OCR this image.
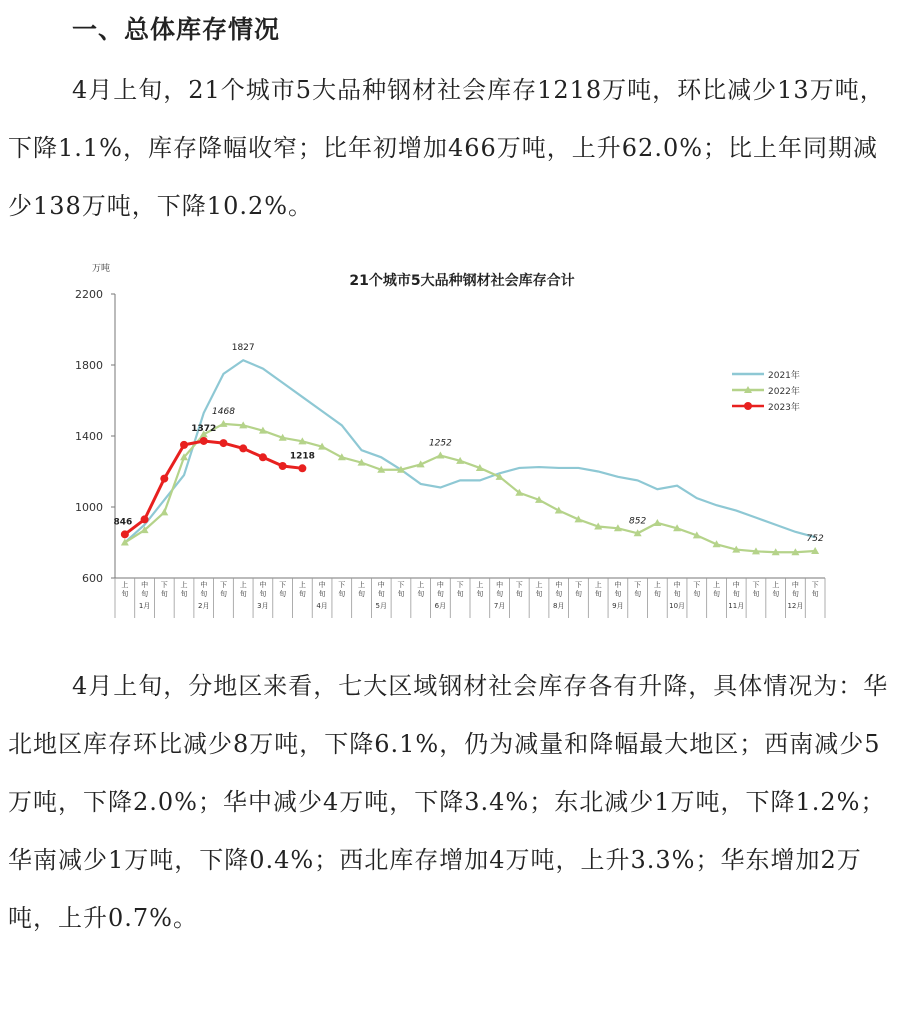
一、总体库存情况

4月上旬，21个城市5大品种钢材社会库存1218万吨，环比减少13万吨，下降1.1%，库存降幅收窄；比年初增加466万吨，上升62.0%；比上年同期减少138万吨，下降10.2%。

21个城市5大品种钢材社会库存合计
万吨
600
1000
1400
1800
2200
上
旬
中
旬
下
旬
上
旬
中
旬
下
旬
上
旬
中
旬
下
旬
上
旬
中
旬
下
旬
上
旬
中
旬
下
旬
上
旬
中
旬
下
旬
上
旬
中
旬
下
旬
上
旬
中
旬
下
旬
上
旬
中
旬
下
旬
上
旬
中
旬
下
旬
上
旬
中
旬
下
旬
上
旬
中
旬
下
旬
1月	2月	3月	4月	5月	6月	7月	8月	9月	10月	11月	12月
1827
1468
1252
852
752
846
1372
1218
2021年
2022年
2023年

4月上旬，分地区来看，七大区域钢材社会库存各有升降，具体情况为：华北地区库存环比减少8万吨，下降6.1%，仍为减量和降幅最大地区；西南减少5万吨，下降2.0%；华中减少4万吨，下降3.4%；东北减少1万吨，下降1.2%；华南减少1万吨，下降0.4%；西北库存增加4万吨，上升3.3%；华东增加2万吨，上升0.7%。
